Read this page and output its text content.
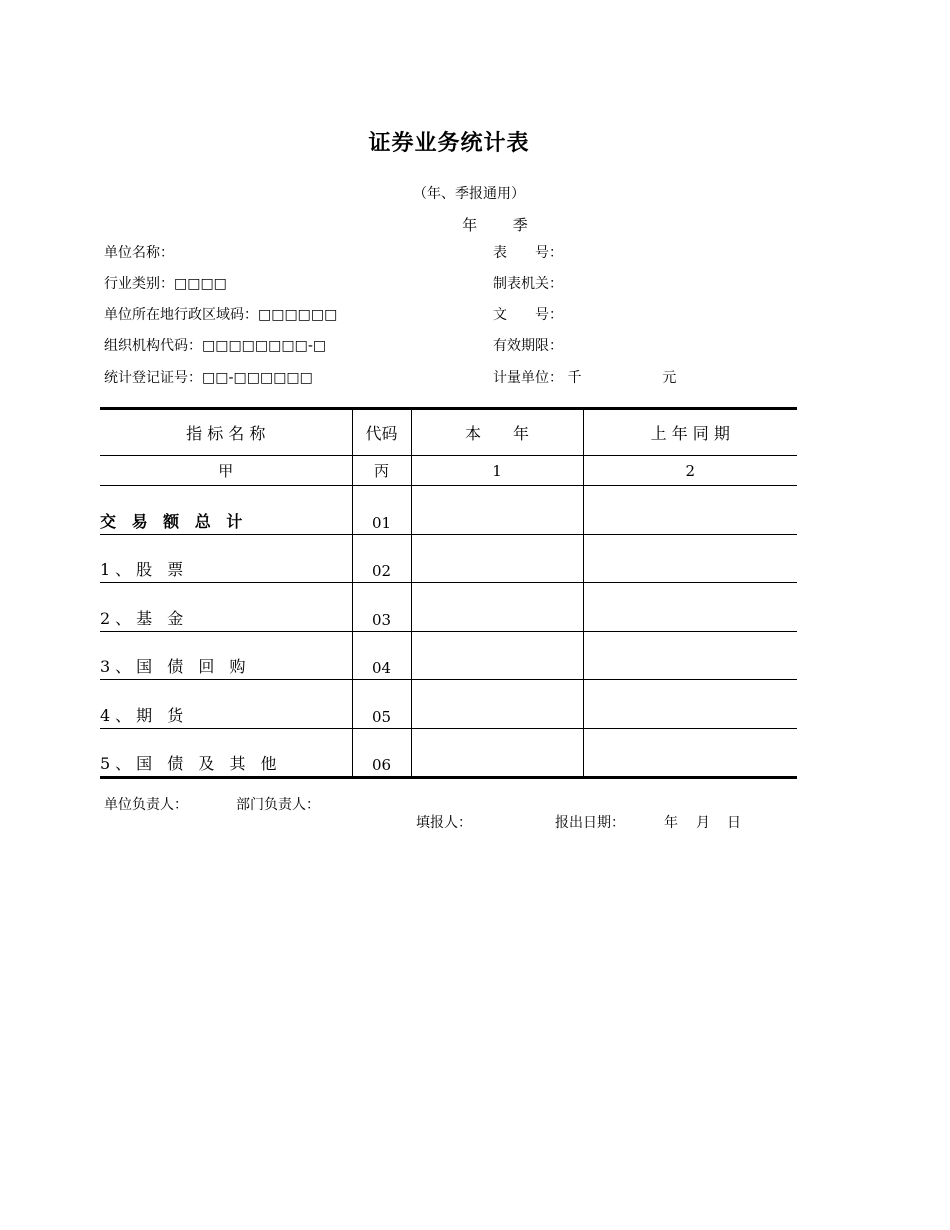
证券业务统计表
（年、季报通用）
年 季
单位名称：
行业类别：□□□□
单位所在地行政区域码：□□□□□□
组织机构代码：□□□□□□□□-□
统计登记证号：□□-□□□□□□
表　　号：
制表机关：
文　　号：
有效期限：
计量单位： 千	元
指 标 名 称	代码	本　　年	上 年 同 期
甲	丙	1	2
交 易 额 总 计	01		
1、股 票	02		
2、基 金	03		
3、国 债 回 购	04		
4、期 货	05		
5、国 债 及 其 他	06		
单位负责人：	部门负责人：
填报人：	报出日期：	年 月 日
